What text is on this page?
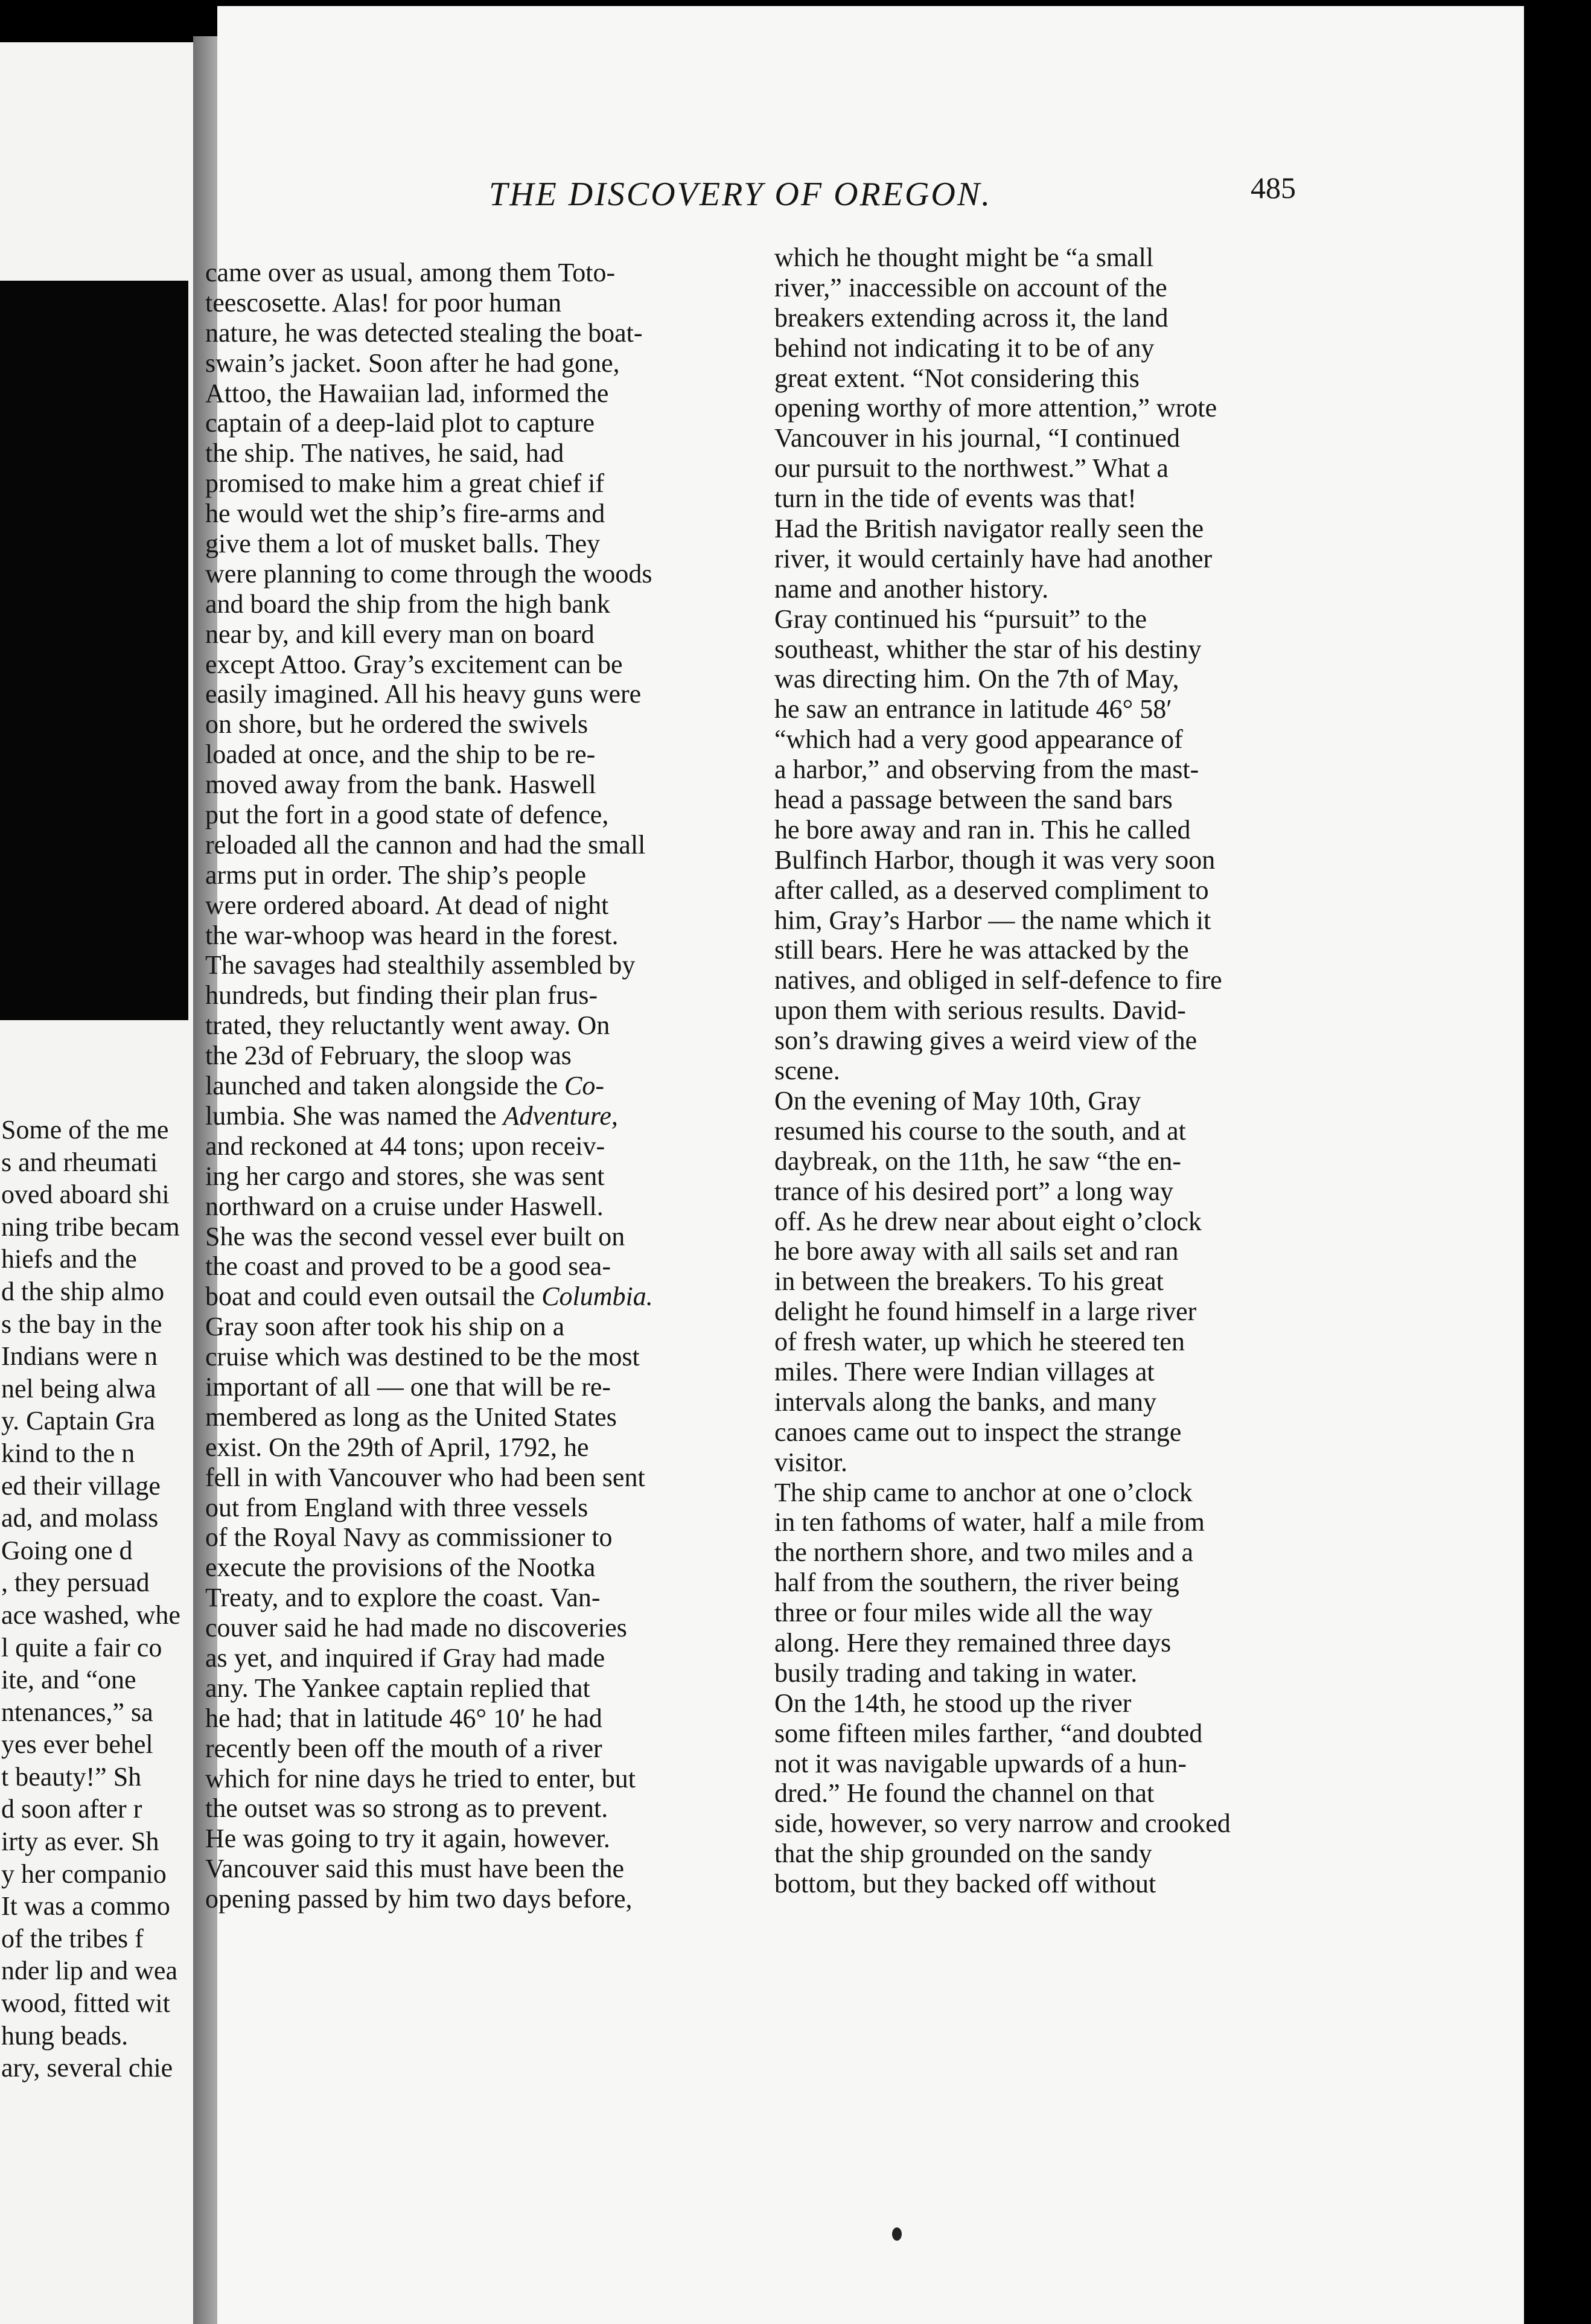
Some of the me
s and rheumati
oved aboard shi
ning tribe becam
hiefs and the
d the ship almo
s the bay in the
Indians were n
nel being alwa
y. Captain Gra
kind to the n
ed their village
ad, and molass
Going one d
, they persuad
ace washed, whe
l quite a fair co
ite, and “one
ntenances,” sa
yes ever behel
t beauty!” Sh
d soon after r
irty as ever. Sh
y her companio
It was a commo
of the tribes f
nder lip and wea
wood, fitted wit
hung beads.
ary, several chie
THE DISCOVERY OF OREGON.	485
came over as usual, among them Toto-
teescosette. Alas! for poor human
nature, he was detected stealing the boat-
swain’s jacket. Soon after he had gone,
Attoo, the Hawaiian lad, informed the
captain of a deep-laid plot to capture
the ship. The natives, he said, had
promised to make him a great chief if
he would wet the ship’s fire-arms and
give them a lot of musket balls. They
were planning to come through the woods
and board the ship from the high bank
near by, and kill every man on board
except Attoo. Gray’s excitement can be
easily imagined. All his heavy guns were
on shore, but he ordered the swivels
loaded at once, and the ship to be re-
moved away from the bank. Haswell
put the fort in a good state of defence,
reloaded all the cannon and had the small
arms put in order. The ship’s people
were ordered aboard. At dead of night
the war-whoop was heard in the forest.
The savages had stealthily assembled by
hundreds, but finding their plan frus-
trated, they reluctantly went away. On
the 23d of February, the sloop was
launched and taken alongside the Co-
lumbia. She was named the Adventure,
and reckoned at 44 tons; upon receiv-
ing her cargo and stores, she was sent
northward on a cruise under Haswell.
She was the second vessel ever built on
the coast and proved to be a good sea-
boat and could even outsail the Columbia.
Gray soon after took his ship on a
cruise which was destined to be the most
important of all — one that will be re-
membered as long as the United States
exist. On the 29th of April, 1792, he
fell in with Vancouver who had been sent
out from England with three vessels
of the Royal Navy as commissioner to
execute the provisions of the Nootka
Treaty, and to explore the coast. Van-
couver said he had made no discoveries
as yet, and inquired if Gray had made
any. The Yankee captain replied that
he had; that in latitude 46° 10′ he had
recently been off the mouth of a river
which for nine days he tried to enter, but
the outset was so strong as to prevent.
He was going to try it again, however.
Vancouver said this must have been the
opening passed by him two days before,
which he thought might be “a small
river,” inaccessible on account of the
breakers extending across it, the land
behind not indicating it to be of any
great extent. “Not considering this
opening worthy of more attention,” wrote
Vancouver in his journal, “I continued
our pursuit to the northwest.” What a
turn in the tide of events was that!
Had the British navigator really seen the
river, it would certainly have had another
name and another history.
Gray continued his “pursuit” to the
southeast, whither the star of his destiny
was directing him. On the 7th of May,
he saw an entrance in latitude 46° 58′
“which had a very good appearance of
a harbor,” and observing from the mast-
head a passage between the sand bars
he bore away and ran in. This he called
Bulfinch Harbor, though it was very soon
after called, as a deserved compliment to
him, Gray’s Harbor — the name which it
still bears. Here he was attacked by the
natives, and obliged in self-defence to fire
upon them with serious results. David-
son’s drawing gives a weird view of the
scene.
On the evening of May 10th, Gray
resumed his course to the south, and at
daybreak, on the 11th, he saw “the en-
trance of his desired port” a long way
off. As he drew near about eight o’clock
he bore away with all sails set and ran
in between the breakers. To his great
delight he found himself in a large river
of fresh water, up which he steered ten
miles. There were Indian villages at
intervals along the banks, and many
canoes came out to inspect the strange
visitor.
The ship came to anchor at one o’clock
in ten fathoms of water, half a mile from
the northern shore, and two miles and a
half from the southern, the river being
three or four miles wide all the way
along. Here they remained three days
busily trading and taking in water.
On the 14th, he stood up the river
some fifteen miles farther, “and doubted
not it was navigable upwards of a hun-
dred.” He found the channel on that
side, however, so very narrow and crooked
that the ship grounded on the sandy
bottom, but they backed off without
